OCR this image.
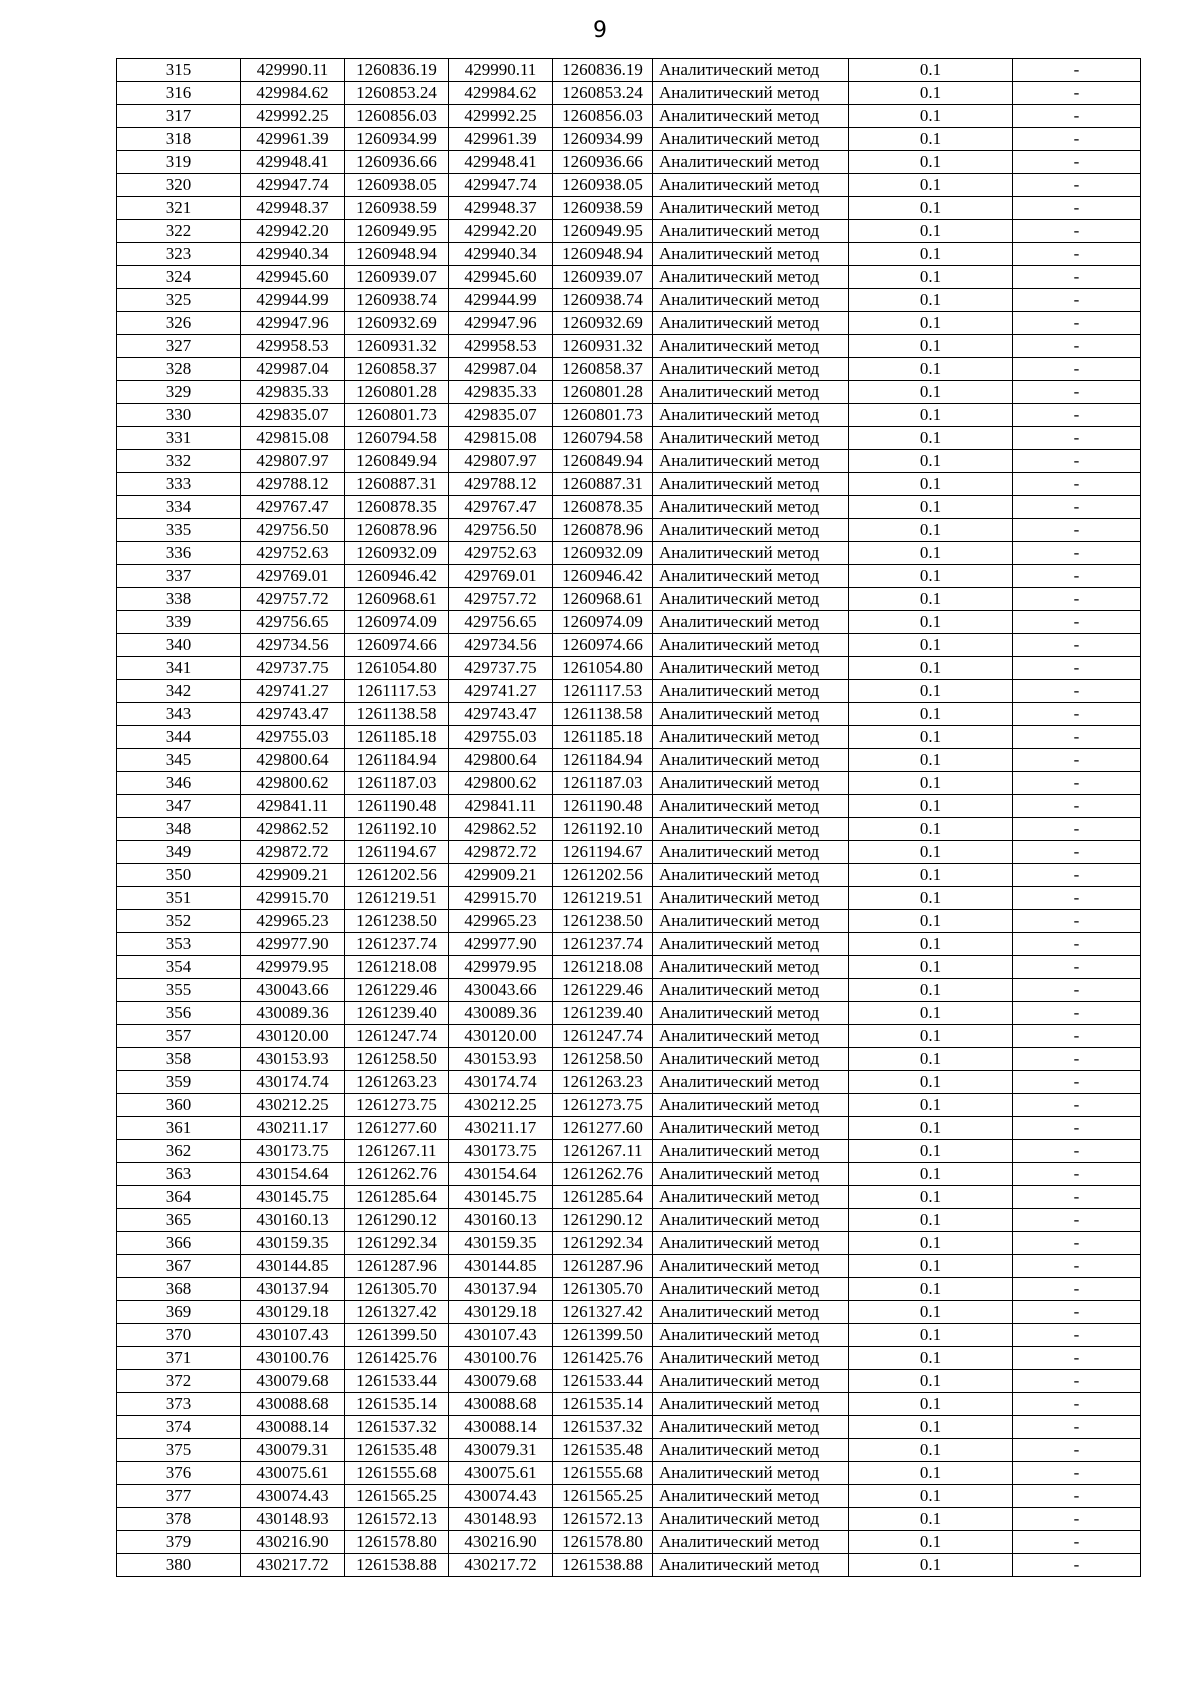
9
315	429990.11	1260836.19	429990.11	1260836.19	Аналитический метод	0.1	-
316	429984.62	1260853.24	429984.62	1260853.24	Аналитический метод	0.1	-
317	429992.25	1260856.03	429992.25	1260856.03	Аналитический метод	0.1	-
318	429961.39	1260934.99	429961.39	1260934.99	Аналитический метод	0.1	-
319	429948.41	1260936.66	429948.41	1260936.66	Аналитический метод	0.1	-
320	429947.74	1260938.05	429947.74	1260938.05	Аналитический метод	0.1	-
321	429948.37	1260938.59	429948.37	1260938.59	Аналитический метод	0.1	-
322	429942.20	1260949.95	429942.20	1260949.95	Аналитический метод	0.1	-
323	429940.34	1260948.94	429940.34	1260948.94	Аналитический метод	0.1	-
324	429945.60	1260939.07	429945.60	1260939.07	Аналитический метод	0.1	-
325	429944.99	1260938.74	429944.99	1260938.74	Аналитический метод	0.1	-
326	429947.96	1260932.69	429947.96	1260932.69	Аналитический метод	0.1	-
327	429958.53	1260931.32	429958.53	1260931.32	Аналитический метод	0.1	-
328	429987.04	1260858.37	429987.04	1260858.37	Аналитический метод	0.1	-
329	429835.33	1260801.28	429835.33	1260801.28	Аналитический метод	0.1	-
330	429835.07	1260801.73	429835.07	1260801.73	Аналитический метод	0.1	-
331	429815.08	1260794.58	429815.08	1260794.58	Аналитический метод	0.1	-
332	429807.97	1260849.94	429807.97	1260849.94	Аналитический метод	0.1	-
333	429788.12	1260887.31	429788.12	1260887.31	Аналитический метод	0.1	-
334	429767.47	1260878.35	429767.47	1260878.35	Аналитический метод	0.1	-
335	429756.50	1260878.96	429756.50	1260878.96	Аналитический метод	0.1	-
336	429752.63	1260932.09	429752.63	1260932.09	Аналитический метод	0.1	-
337	429769.01	1260946.42	429769.01	1260946.42	Аналитический метод	0.1	-
338	429757.72	1260968.61	429757.72	1260968.61	Аналитический метод	0.1	-
339	429756.65	1260974.09	429756.65	1260974.09	Аналитический метод	0.1	-
340	429734.56	1260974.66	429734.56	1260974.66	Аналитический метод	0.1	-
341	429737.75	1261054.80	429737.75	1261054.80	Аналитический метод	0.1	-
342	429741.27	1261117.53	429741.27	1261117.53	Аналитический метод	0.1	-
343	429743.47	1261138.58	429743.47	1261138.58	Аналитический метод	0.1	-
344	429755.03	1261185.18	429755.03	1261185.18	Аналитический метод	0.1	-
345	429800.64	1261184.94	429800.64	1261184.94	Аналитический метод	0.1	-
346	429800.62	1261187.03	429800.62	1261187.03	Аналитический метод	0.1	-
347	429841.11	1261190.48	429841.11	1261190.48	Аналитический метод	0.1	-
348	429862.52	1261192.10	429862.52	1261192.10	Аналитический метод	0.1	-
349	429872.72	1261194.67	429872.72	1261194.67	Аналитический метод	0.1	-
350	429909.21	1261202.56	429909.21	1261202.56	Аналитический метод	0.1	-
351	429915.70	1261219.51	429915.70	1261219.51	Аналитический метод	0.1	-
352	429965.23	1261238.50	429965.23	1261238.50	Аналитический метод	0.1	-
353	429977.90	1261237.74	429977.90	1261237.74	Аналитический метод	0.1	-
354	429979.95	1261218.08	429979.95	1261218.08	Аналитический метод	0.1	-
355	430043.66	1261229.46	430043.66	1261229.46	Аналитический метод	0.1	-
356	430089.36	1261239.40	430089.36	1261239.40	Аналитический метод	0.1	-
357	430120.00	1261247.74	430120.00	1261247.74	Аналитический метод	0.1	-
358	430153.93	1261258.50	430153.93	1261258.50	Аналитический метод	0.1	-
359	430174.74	1261263.23	430174.74	1261263.23	Аналитический метод	0.1	-
360	430212.25	1261273.75	430212.25	1261273.75	Аналитический метод	0.1	-
361	430211.17	1261277.60	430211.17	1261277.60	Аналитический метод	0.1	-
362	430173.75	1261267.11	430173.75	1261267.11	Аналитический метод	0.1	-
363	430154.64	1261262.76	430154.64	1261262.76	Аналитический метод	0.1	-
364	430145.75	1261285.64	430145.75	1261285.64	Аналитический метод	0.1	-
365	430160.13	1261290.12	430160.13	1261290.12	Аналитический метод	0.1	-
366	430159.35	1261292.34	430159.35	1261292.34	Аналитический метод	0.1	-
367	430144.85	1261287.96	430144.85	1261287.96	Аналитический метод	0.1	-
368	430137.94	1261305.70	430137.94	1261305.70	Аналитический метод	0.1	-
369	430129.18	1261327.42	430129.18	1261327.42	Аналитический метод	0.1	-
370	430107.43	1261399.50	430107.43	1261399.50	Аналитический метод	0.1	-
371	430100.76	1261425.76	430100.76	1261425.76	Аналитический метод	0.1	-
372	430079.68	1261533.44	430079.68	1261533.44	Аналитический метод	0.1	-
373	430088.68	1261535.14	430088.68	1261535.14	Аналитический метод	0.1	-
374	430088.14	1261537.32	430088.14	1261537.32	Аналитический метод	0.1	-
375	430079.31	1261535.48	430079.31	1261535.48	Аналитический метод	0.1	-
376	430075.61	1261555.68	430075.61	1261555.68	Аналитический метод	0.1	-
377	430074.43	1261565.25	430074.43	1261565.25	Аналитический метод	0.1	-
378	430148.93	1261572.13	430148.93	1261572.13	Аналитический метод	0.1	-
379	430216.90	1261578.80	430216.90	1261578.80	Аналитический метод	0.1	-
380	430217.72	1261538.88	430217.72	1261538.88	Аналитический метод	0.1	-
